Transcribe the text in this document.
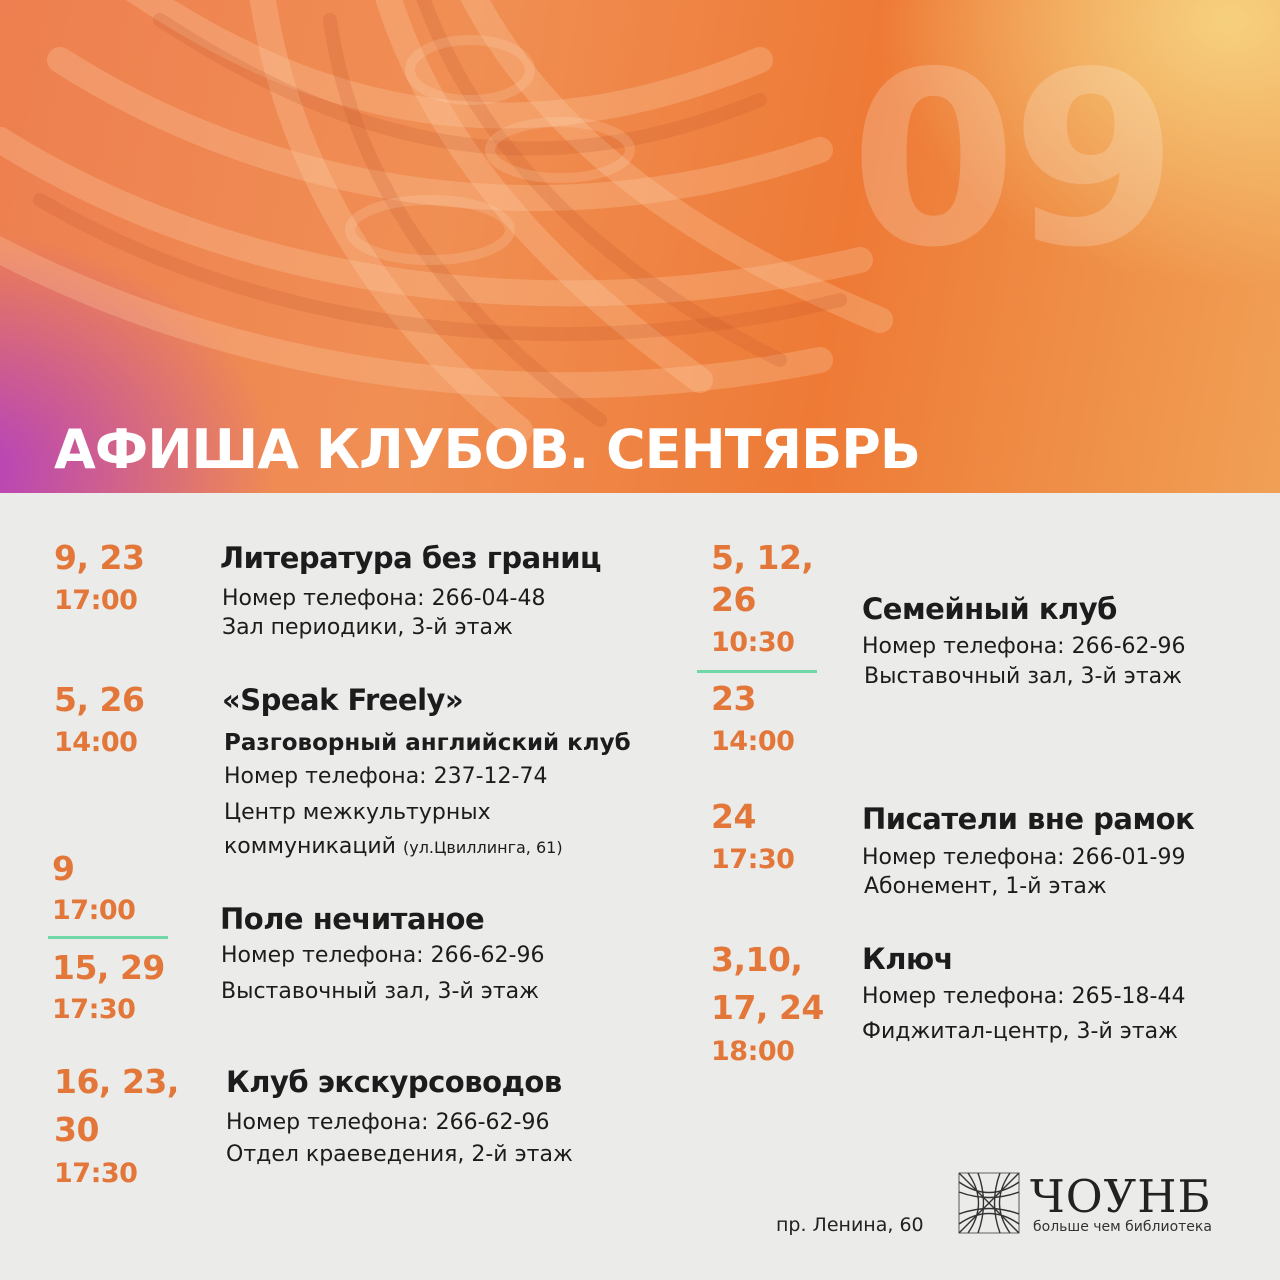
09
АФИША КЛУБОВ. СЕНТЯБРЬ
9, 23
17:00
Литература без границ
Номер телефона: 266-04-48
Зал периодики, 3-й этаж
5, 26
14:00
«Speak Freely»
Разговорный английский клуб
Номер телефона: 237-12-74
Центр межкультурных
коммуникаций (ул.Цвиллинга, 61)
9
17:00
15, 29
17:30
Поле нечитаное
Номер телефона: 266-62-96
Выставочный зал, 3-й этаж
16, 23,
30
17:30
Клуб экскурсоводов
Номер телефона: 266-62-96
Отдел краеведения, 2-й этаж
5, 12,
26
10:30
23
14:00
Семейный клуб
Номер телефона: 266-62-96
Выставочный зал, 3-й этаж
24
17:30
Писатели вне рамок
Номер телефона: 266-01-99
Абонемент, 1-й этаж
3,10,
17, 24
18:00
Ключ
Номер телефона: 265-18-44
Фиджитал-центр, 3-й этаж
пр. Ленина, 60
ЧОУНБ
больше чем библиотека
